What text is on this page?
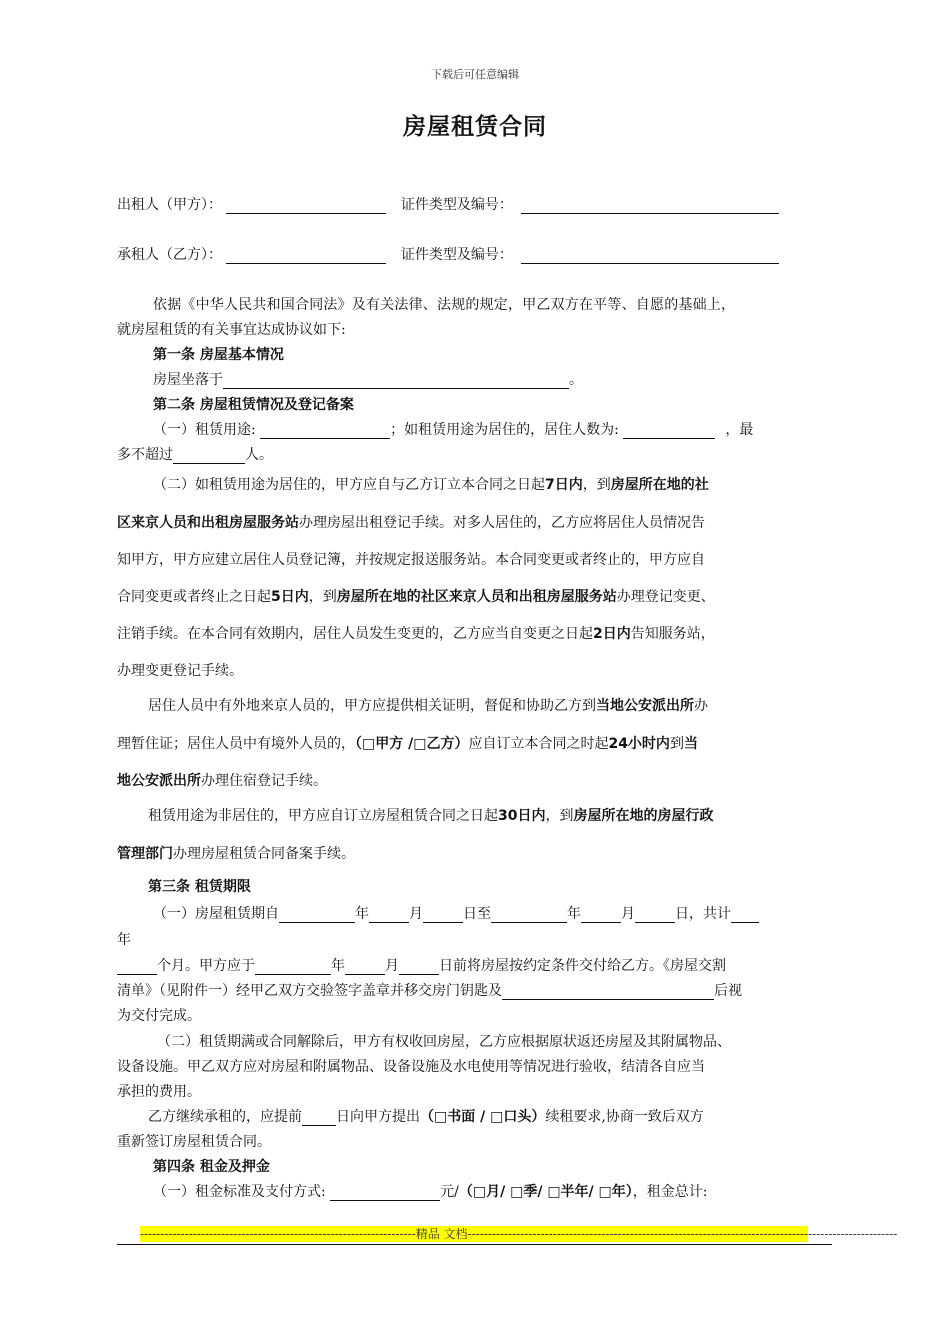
下载后可任意编辑
房屋租赁合同
出租人（甲方）：	证件类型及编号：
承租人（乙方）：	证件类型及编号：
依据《中华人民共和国合同法》及有关法律、法规的规定，甲乙双方在平等、自愿的基础上，
就房屋租赁的有关事宜达成协议如下:
第一条 房屋基本情况
房屋坐落于	。
第二条 房屋租赁情况及登记备案
（一）租赁用途:	；如租赁用途为居住的，居住人数为:	，最
多不超过	人。
（二）如租赁用途为居住的，甲方应自与乙方订立本合同之日起7日内，到房屋所在地的社
区来京人员和出租房屋服务站办理房屋出租登记手续。对多人居住的，乙方应将居住人员情况告
知甲方，甲方应建立居住人员登记簿，并按规定报送服务站。本合同变更或者终止的，甲方应自
合同变更或者终止之日起5日内，到房屋所在地的社区来京人员和出租房屋服务站办理登记变更、
注销手续。在本合同有效期内，居住人员发生变更的，乙方应当自变更之日起2日内告知服务站，
办理变更登记手续。
居住人员中有外地来京人员的，甲方应提供相关证明，督促和协助乙方到当地公安派出所办
理暂住证；居住人员中有境外人员的，（□甲方 /□乙方）应自订立本合同之时起24小时内到当
地公安派出所办理住宿登记手续。
租赁用途为非居住的，甲方应自订立房屋租赁合同之日起30日内，到房屋所在地的房屋行政
管理部门办理房屋租赁合同备案手续。
第三条 租赁期限
（一）房屋租赁期自	年	月	日至	年	月	日，共计
年
个月。甲方应于	年	月	日前将房屋按约定条件交付给乙方。《房屋交割
清单》（见附件一）经甲乙双方交验签字盖章并移交房门钥匙及	后视
为交付完成。
（二）租赁期满或合同解除后，甲方有权收回房屋，乙方应根据原状返还房屋及其附属物品、
设备设施。甲乙双方应对房屋和附属物品、设备设施及水电使用等情况进行验收，结清各自应当
承担的费用。
乙方继续承租的，应提前 日向甲方提出（□书面 / □口头）续租要求,协商一致后双方
重新签订房屋租赁合同。
第四条 租金及押金
（一）租金标准及支付方式:	元/（□月/ □季/ □半年/ □年），租金总计:
--------------------------------------------------------------------精品 文档----------------------------------------------------------------------------------------------------------
